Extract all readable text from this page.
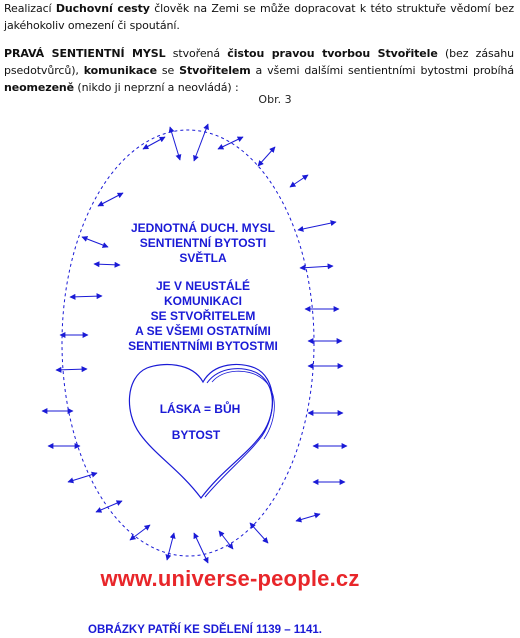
Realizací Duchovní cesty člověk na Zemi se může dopracovat k této struktuře vědomí bez jakéhokoliv omezení či spoutání.
PRAVÁ SENTIENTNÍ MYSL stvořená čistou pravou tvorbou Stvořitele (bez zásahu psedotvůrců), komunikace se Stvořitelem a všemi dalšími sentientními bytostmi probíhá neomezeně (nikdo ji neprzní a neovládá) :
Obr. 3
JEDNOTNÁ DUCH. MYSL
SENTIENTNÍ BYTOSTI
SVĚTLA
JE V NEUSTÁLÉ
KOMUNIKACI
SE STVOŘITELEM
A SE VŠEMI OSTATNÍMI
SENTIENTNÍMI BYTOSTMI
LÁSKA = BŮH
BYTOST
www.universe-people.cz
OBRÁZKY PATŘÍ KE SDĚLENÍ 1139 – 1141.
